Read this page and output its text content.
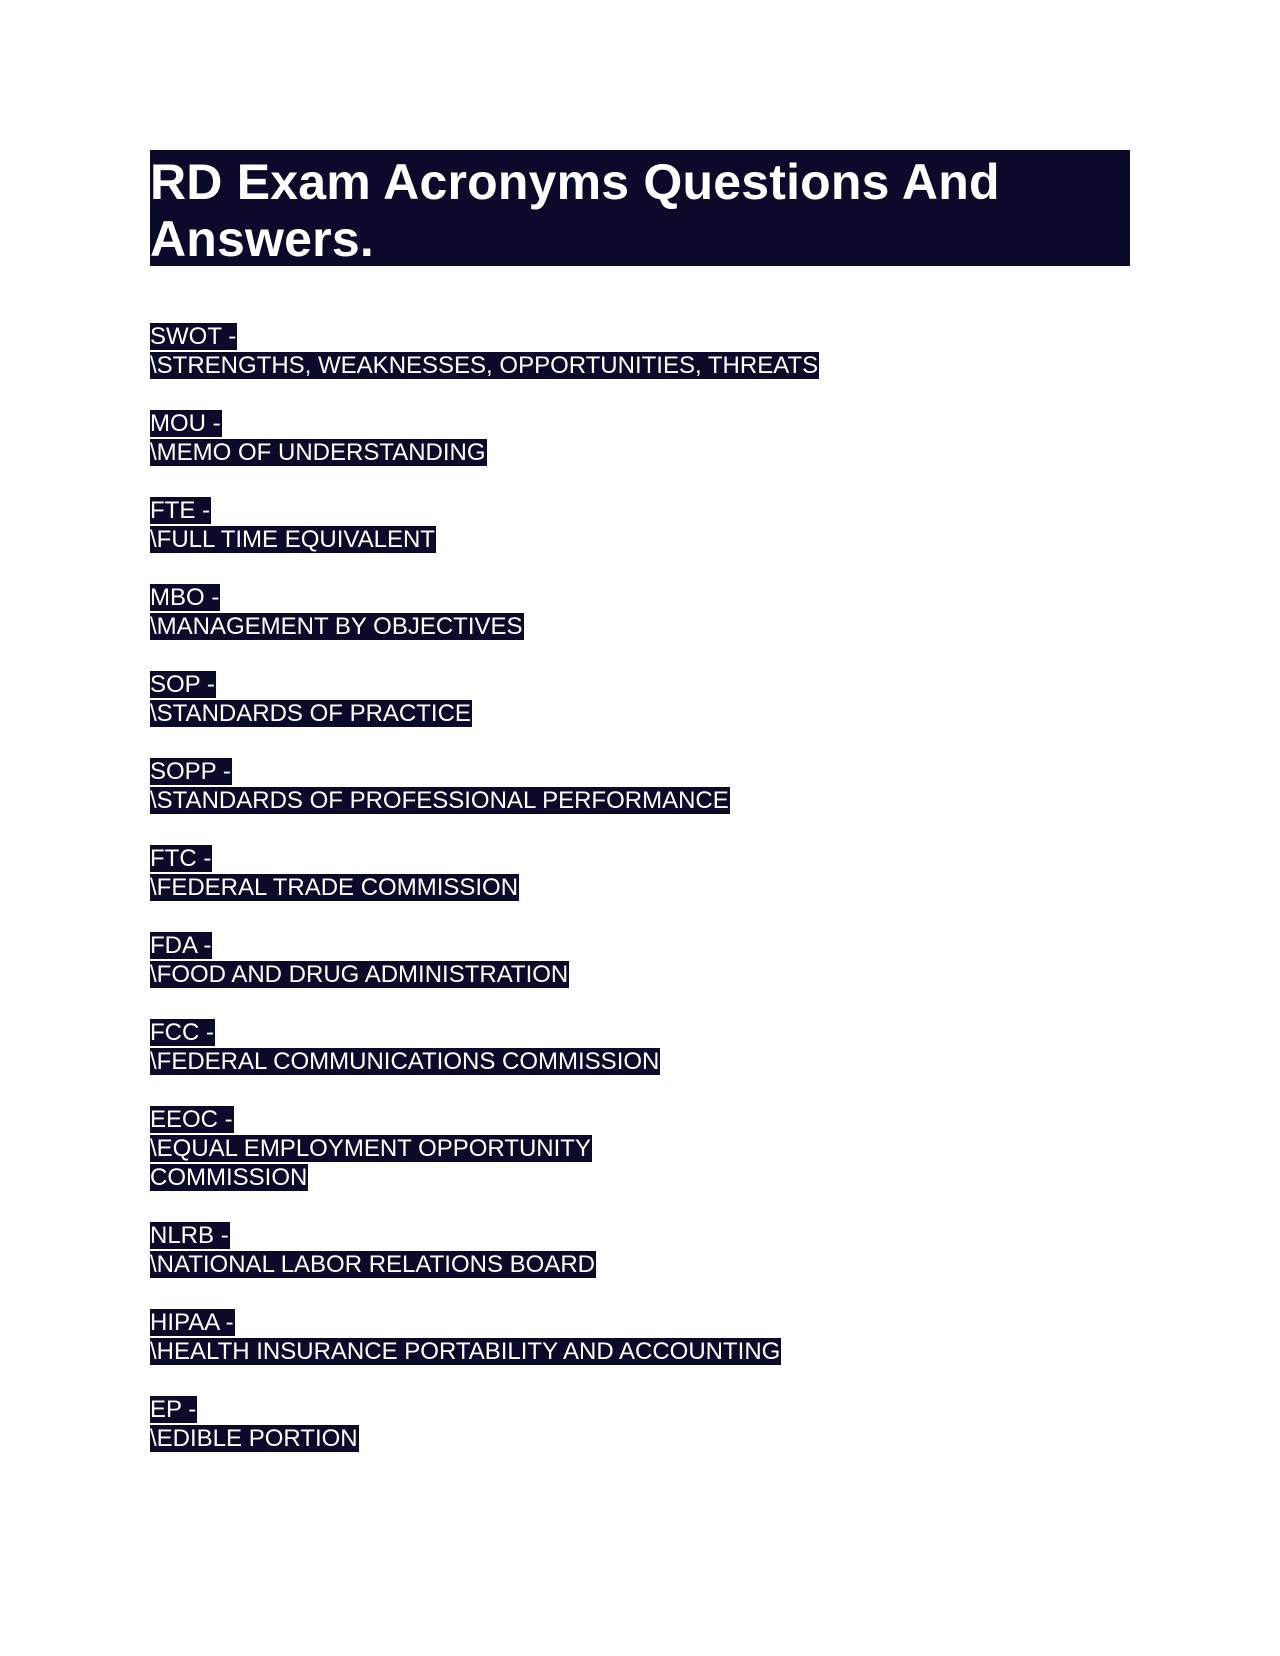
RD Exam Acronyms Questions And Answers.
SWOT -
\STRENGTHS, WEAKNESSES, OPPORTUNITIES, THREATS
MOU -
\MEMO OF UNDERSTANDING
FTE -
\FULL TIME EQUIVALENT
MBO -
\MANAGEMENT BY OBJECTIVES
SOP -
\STANDARDS OF PRACTICE
SOPP -
\STANDARDS OF PROFESSIONAL PERFORMANCE
FTC -
\FEDERAL TRADE COMMISSION
FDA -
\FOOD AND DRUG ADMINISTRATION
FCC -
\FEDERAL COMMUNICATIONS COMMISSION
EEOC -
\EQUAL EMPLOYMENT OPPORTUNITY COMMISSION
NLRB -
\NATIONAL LABOR RELATIONS BOARD
HIPAA -
\HEALTH INSURANCE PORTABILITY AND ACCOUNTING
EP -
\EDIBLE PORTION
